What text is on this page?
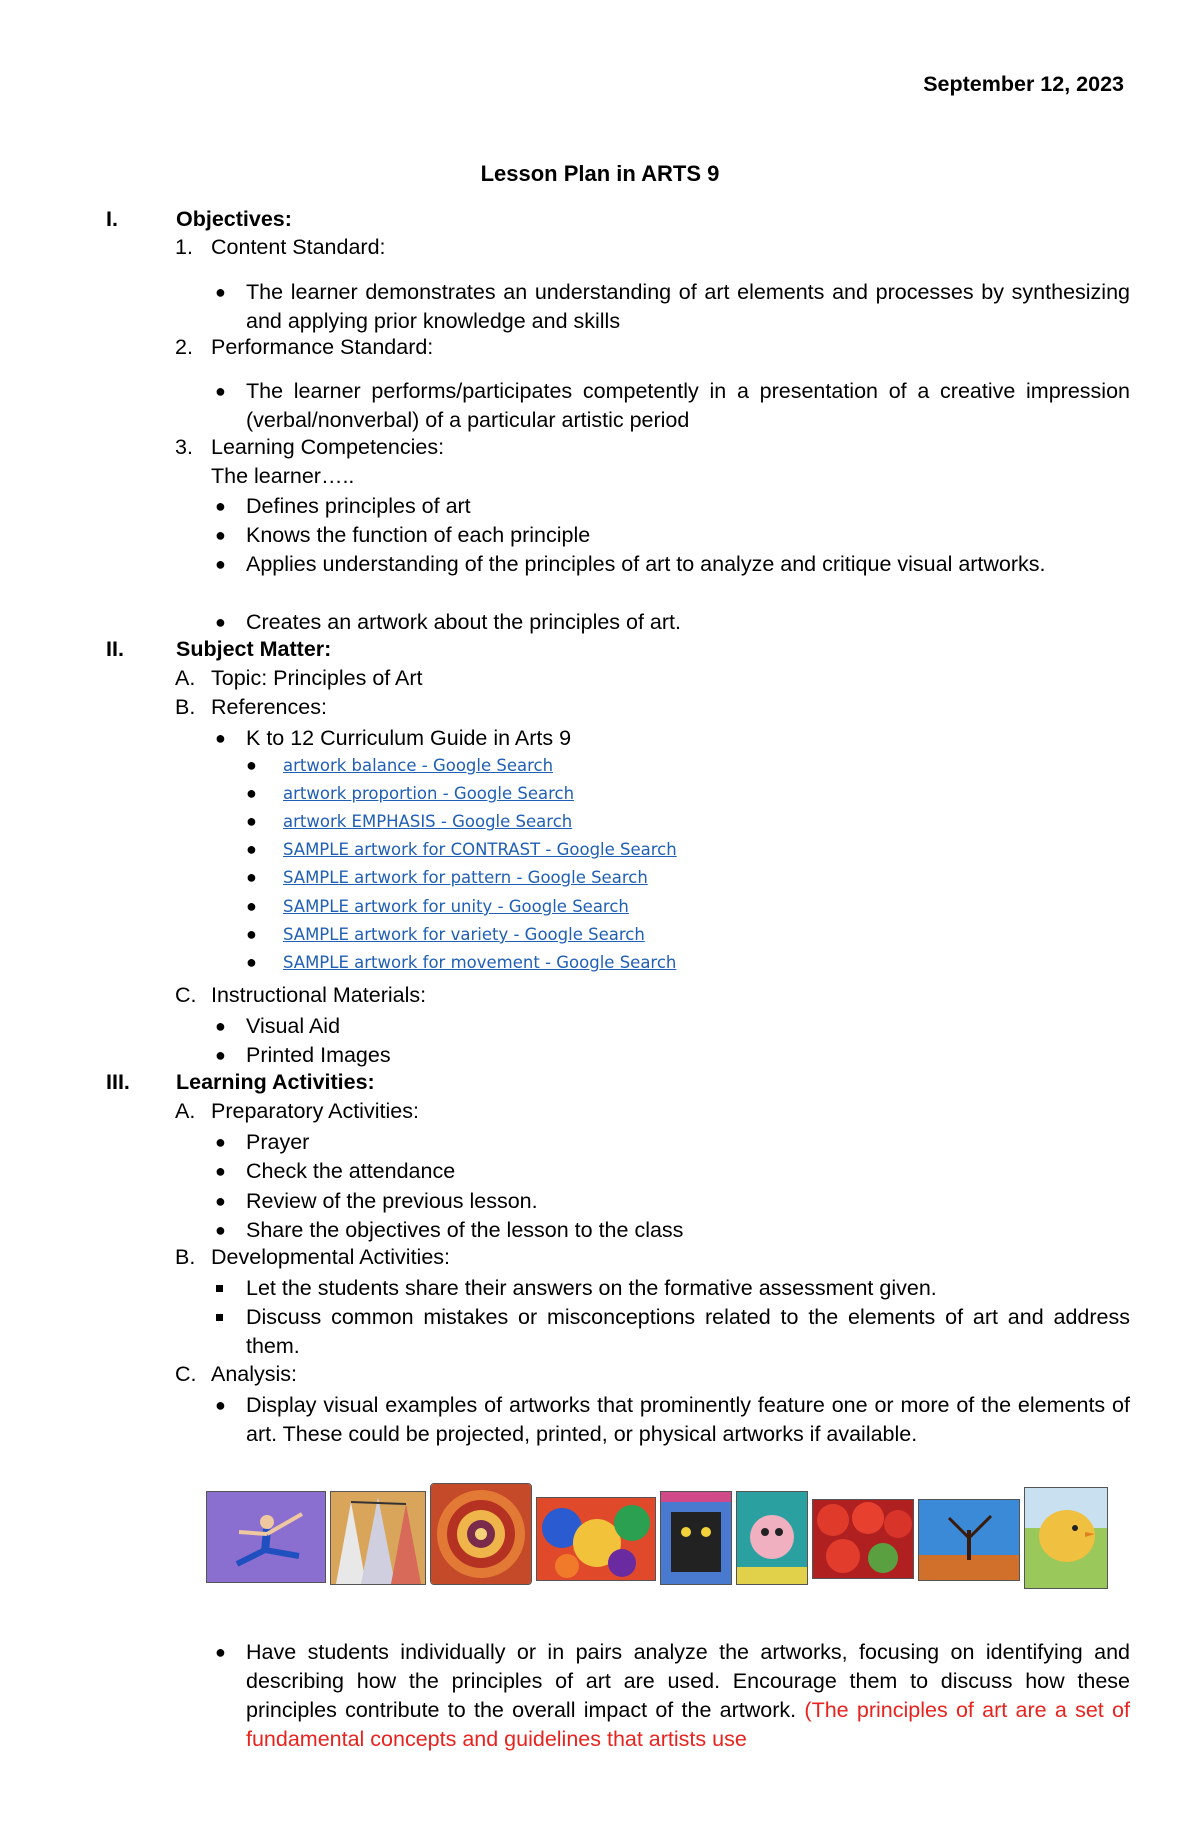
September 12, 2023
Lesson Plan in ARTS 9
I.	Objectives:
1. Content Standard:
● The learner demonstrates an understanding of art elements and processes by synthesizing and applying prior knowledge and skills
2. Performance Standard:
● The learner performs/participates competently in a presentation of a creative impression (verbal/nonverbal) of a particular artistic period
3. Learning Competencies:
The learner…..
● Defines principles of art
● Knows the function of each principle
● Applies understanding of the principles of art to analyze and critique visual artworks.
● Creates an artwork about the principles of art.
II. Subject Matter:
A. Topic: Principles of Art
B. References:
● K to 12 Curriculum Guide in Arts 9
● artwork balance - Google Search
● artwork proportion - Google Search
● artwork EMPHASIS - Google Search
● SAMPLE artwork for CONTRAST - Google Search
● SAMPLE artwork for pattern - Google Search
● SAMPLE artwork for unity - Google Search
● SAMPLE artwork for variety - Google Search
● SAMPLE artwork for movement - Google Search
C. Instructional Materials:
● Visual Aid
● Printed Images
III. Learning Activities:
A. Preparatory Activities:
● Prayer
● Check the attendance
● Review of the previous lesson.
● Share the objectives of the lesson to the class
B. Developmental Activities:
Let the students share their answers on the formative assessment given.
Discuss common mistakes or misconceptions related to the elements of art and address them.
C. Analysis:
● Display visual examples of artworks that prominently feature one or more of the elements of art. These could be projected, printed, or physical artworks if available.
● Have students individually or in pairs analyze the artworks, focusing on identifying and describing how the principles of art are used. Encourage them to discuss how these principles contribute to the overall impact of the artwork. (The principles of art are a set of fundamental concepts and guidelines that artists use
